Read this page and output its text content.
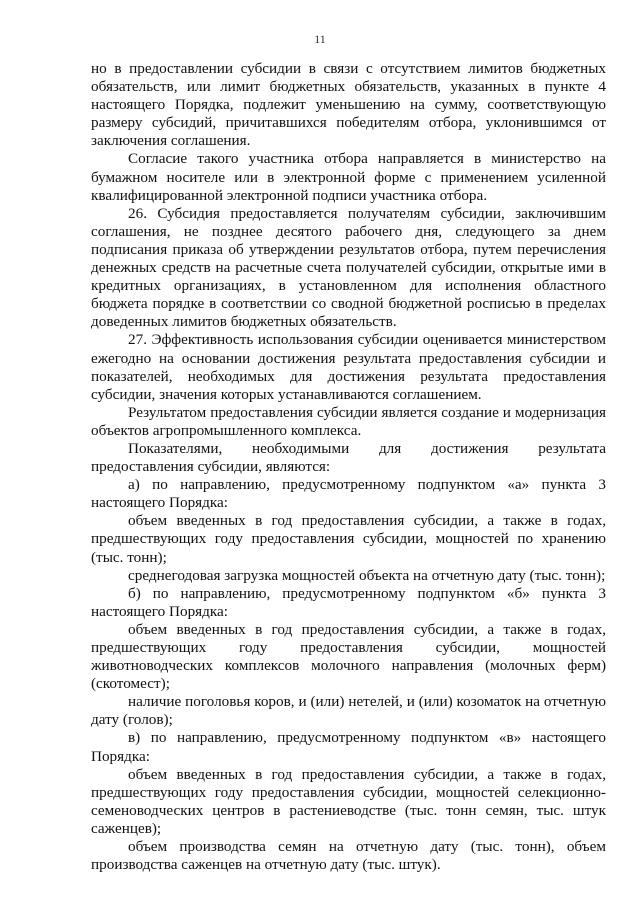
11

но в предоставлении субсидии в связи с отсутствием лимитов бюджетных обязательств, или лимит бюджетных обязательств, указанных в пункте 4 настоящего Порядка, подлежит уменьшению на сумму, соответствующую размеру субсидий, причитавшихся победителям отбора, уклонившимся от заключения соглашения.

Согласие такого участника отбора направляется в министерство на бумажном носителе или в электронной форме с применением усиленной квалифицированной электронной подписи участника отбора.

26. Субсидия предоставляется получателям субсидии, заключившим соглашения, не позднее десятого рабочего дня, следующего за днем подписания приказа об утверждении результатов отбора, путем перечисления денежных средств на расчетные счета получателей субсидии, открытые ими в кредитных организациях, в установленном для исполнения областного бюджета порядке в соответствии со сводной бюджетной росписью в пределах доведенных лимитов бюджетных обязательств.

27. Эффективность использования субсидии оценивается министерством ежегодно на основании достижения результата предоставления субсидии и показателей, необходимых для достижения результата предоставления субсидии, значения которых устанавливаются соглашением.

Результатом предоставления субсидии является создание и модернизация объектов агропромышленного комплекса.

Показателями, необходимыми для достижения результата предоставления субсидии, являются:

а) по направлению, предусмотренному подпунктом «а» пункта 3 настоящего Порядка:

объем введенных в год предоставления субсидии, а также в годах, предшествующих году предоставления субсидии, мощностей по хранению (тыс. тонн);

среднегодовая загрузка мощностей объекта на отчетную дату (тыс. тонн);

б) по направлению, предусмотренному подпунктом «б» пункта 3 настоящего Порядка:

объем введенных в год предоставления субсидии, а также в годах, предшествующих году предоставления субсидии, мощностей животноводческих комплексов молочного направления (молочных ферм) (скотомест);

наличие поголовья коров, и (или) нетелей, и (или) козоматок на отчетную дату (голов);

в) по направлению, предусмотренному подпунктом «в» настоящего Порядка:

объем введенных в год предоставления субсидии, а также в годах, предшествующих году предоставления субсидии, мощностей селекционно-семеноводческих центров в растениеводстве (тыс. тонн семян, тыс. штук саженцев);

объем производства семян на отчетную дату (тыс. тонн), объем производства саженцев на отчетную дату (тыс. штук).
